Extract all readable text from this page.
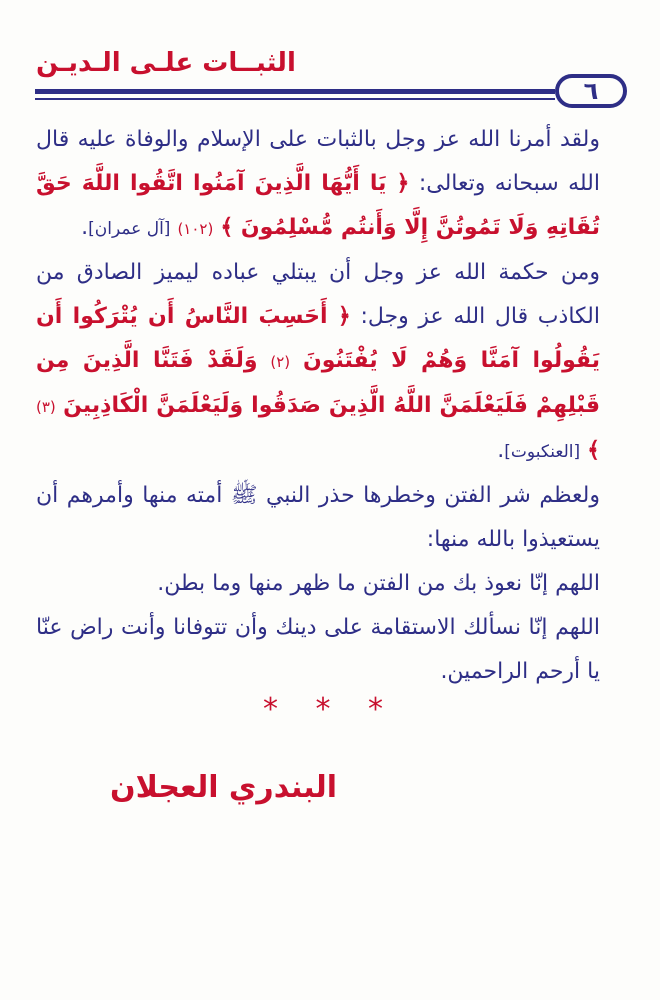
الثبــات علـى الـديـن
٦

ولقد أمرنا الله عز وجل بالثبات على الإسلام والوفاة عليه قال الله سبحانه وتعالى: ﴿ يَا أَيُّهَا الَّذِينَ آمَنُوا اتَّقُوا اللَّهَ حَقَّ تُقَاتِهِ وَلَا تَمُوتُنَّ إِلَّا وَأَنتُم مُّسْلِمُونَ ﴾ (١٠٢) [آل عمران].

ومن حكمة الله عز وجل أن يبتلي عباده ليميز الصادق من الكاذب قال الله عز وجل: ﴿ أَحَسِبَ النَّاسُ أَن يُتْرَكُوا أَن يَقُولُوا آمَنَّا وَهُمْ لَا يُفْتَنُونَ (٢) وَلَقَدْ فَتَنَّا الَّذِينَ مِن قَبْلِهِمْ فَلَيَعْلَمَنَّ اللَّهُ الَّذِينَ صَدَقُوا وَلَيَعْلَمَنَّ الْكَاذِبِينَ (٣) ﴾ [العنكبوت].

ولعظم شر الفتن وخطرها حذر النبي ﷺ أمته منها وأمرهم أن يستعيذوا بالله منها:

اللهم إنّا نعوذ بك من الفتن ما ظهر منها وما بطن.

اللهم إنّا نسألك الاستقامة على دينك وأن تتوفانا وأنت راض عنّا يا أرحم الراحمين.

* * *
البندري العجلان
